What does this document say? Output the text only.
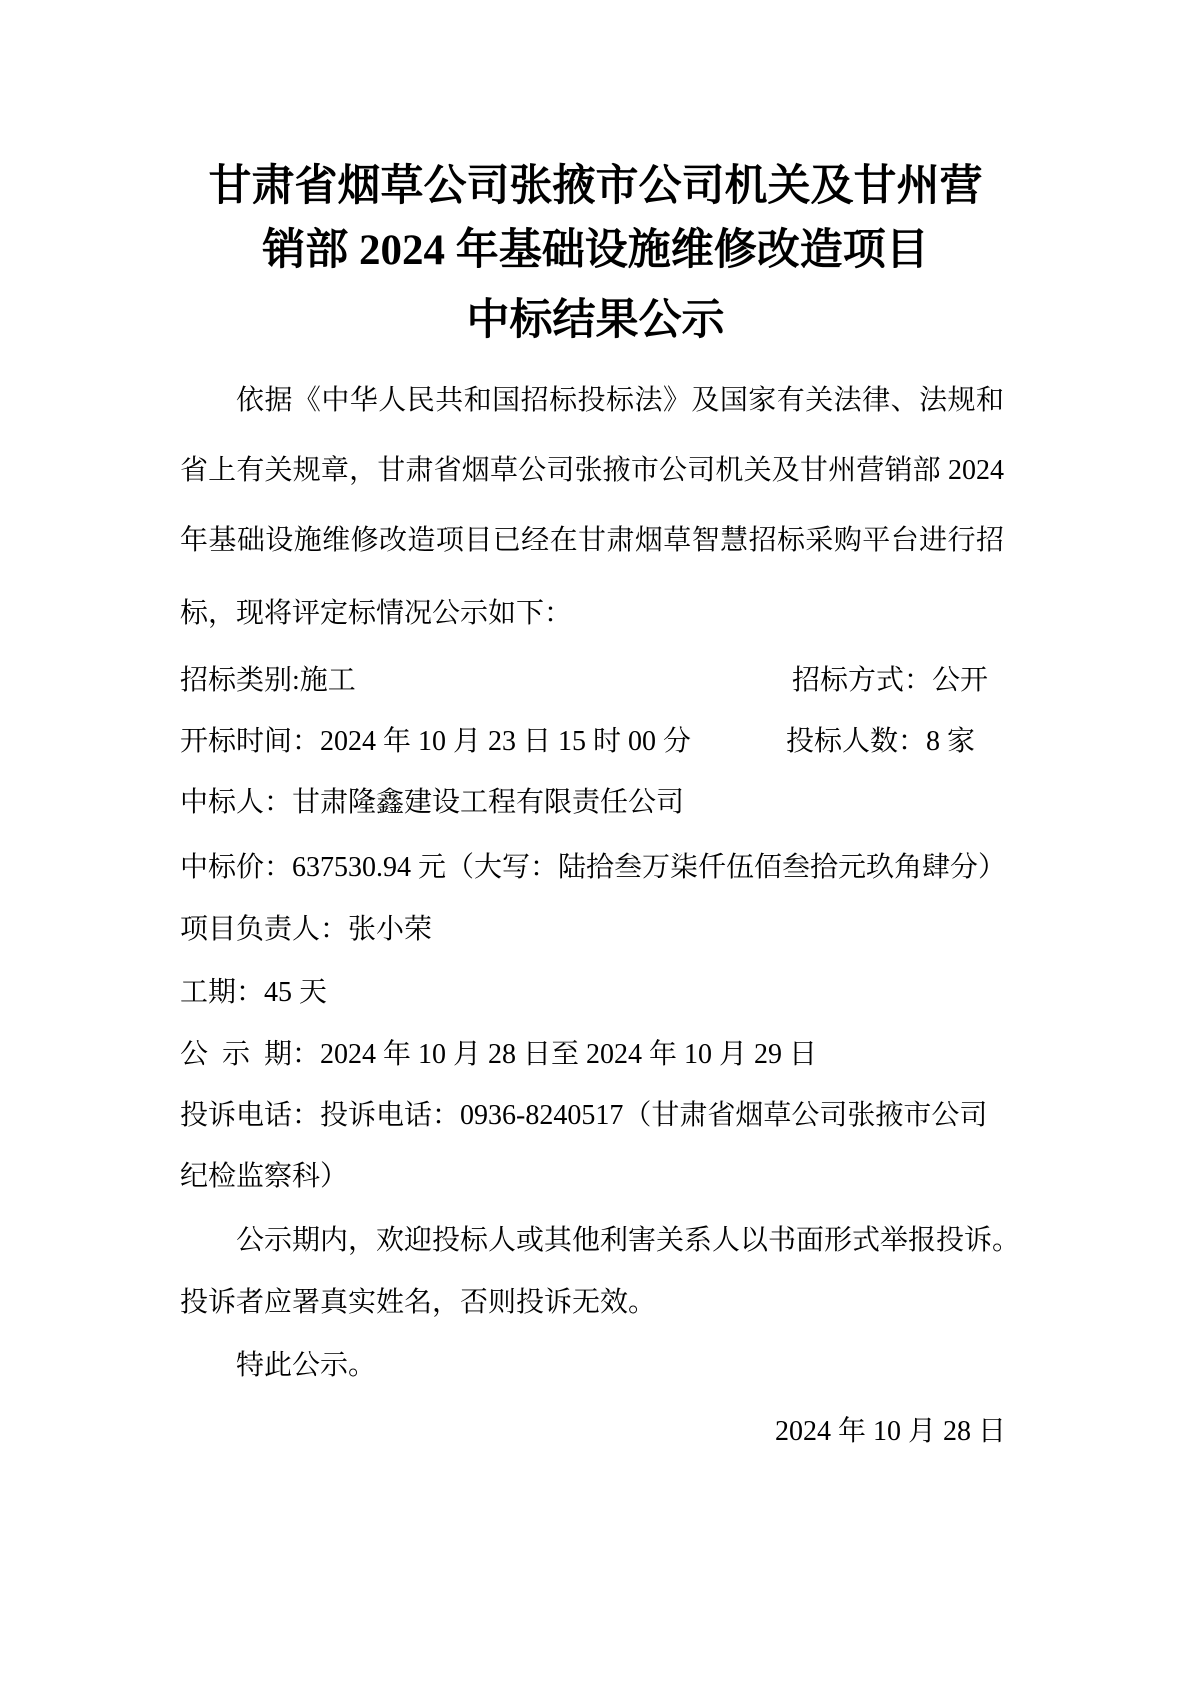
甘肃省烟草公司张掖市公司机关及甘州营
销部 2024 年基础设施维修改造项目
中标结果公示
依据《中华人民共和国招标投标法》及国家有关法律、法规和
省上有关规章，甘肃省烟草公司张掖市公司机关及甘州营销部 2024
年基础设施维修改造项目已经在甘肃烟草智慧招标采购平台进行招
标，现将评定标情况公示如下：
招标类别:施工	招标方式：公开
开标时间：2024 年 10 月 23 日 15 时 00 分	投标人数：8 家
中标人：甘肃隆鑫建设工程有限责任公司
中标价：637530.94 元（大写：陆拾叁万柒仟伍佰叁拾元玖角肆分）
项目负责人：张小荣
工期：45 天
公  示  期：2024 年 10 月 28 日至 2024 年 10 月 29 日
投诉电话：投诉电话：0936-8240517（甘肃省烟草公司张掖市公司
纪检监察科）
公示期内，欢迎投标人或其他利害关系人以书面形式举报投诉。
投诉者应署真实姓名，否则投诉无效。
特此公示。
2024 年 10 月 28 日
